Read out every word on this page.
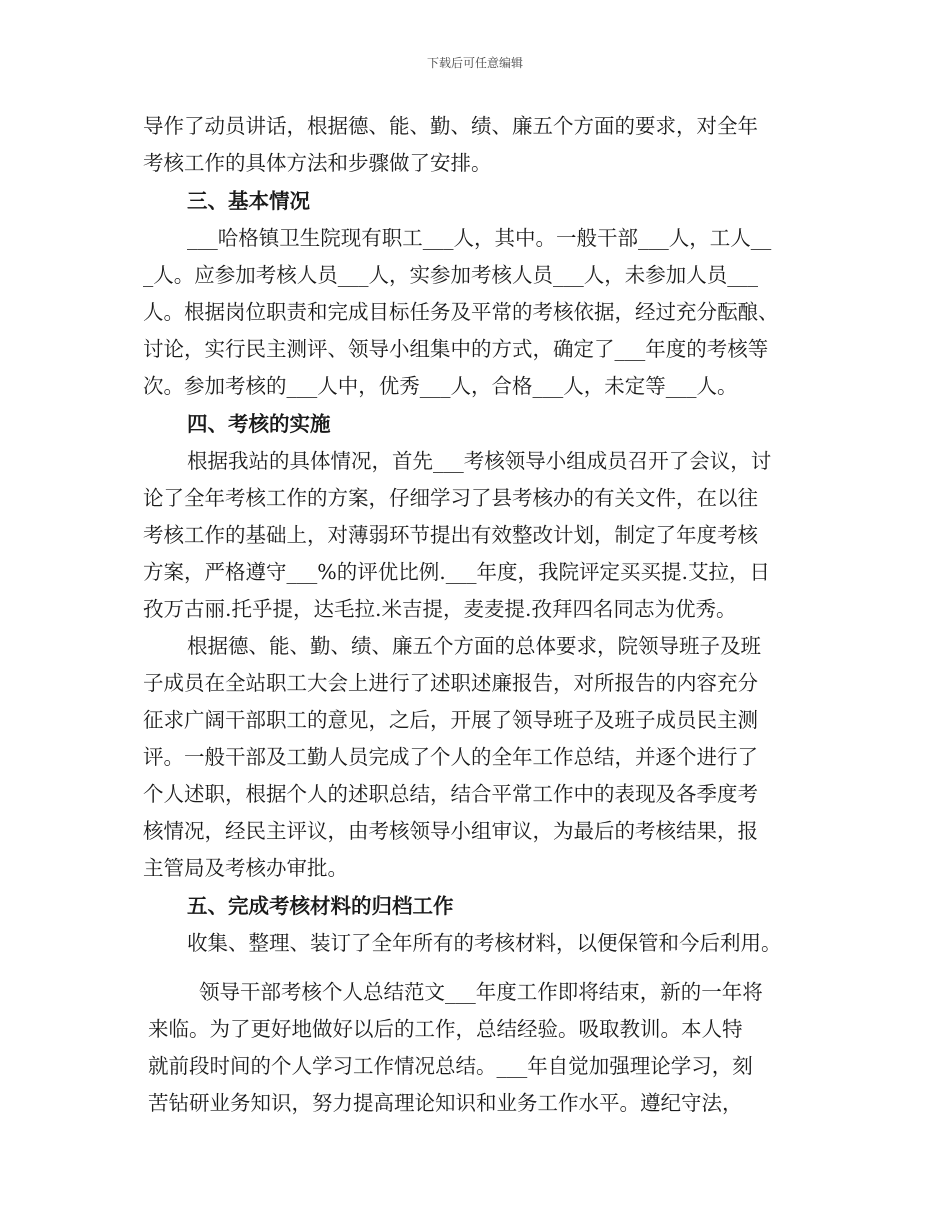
下载后可任意编辑
导作了动员讲话，根据德、能、勤、绩、廉五个方面的要求，对全年
考核工作的具体方法和步骤做了安排。
三、基本情况
___哈格镇卫生院现有职工___人，其中。一般干部___人，工人__
_人。应参加考核人员___人，实参加考核人员___人，未参加人员___
人。根据岗位职责和完成目标任务及平常的考核依据，经过充分酝酿、
讨论，实行民主测评、领导小组集中的方式，确定了___年度的考核等
次。参加考核的___人中，优秀___人，合格___人，未定等___人。
四、考核的实施
根据我站的具体情况，首先___考核领导小组成员召开了会议，讨
论了全年考核工作的方案，仔细学习了县考核办的有关文件，在以往
考核工作的基础上，对薄弱环节提出有效整改计划，制定了年度考核
方案，严格遵守___%的评优比例.___年度，我院评定买买提.艾拉，日
孜万古丽.托乎提，达毛拉.米吉提，麦麦提.孜拜四名同志为优秀。
根据德、能、勤、绩、廉五个方面的总体要求，院领导班子及班
子成员在全站职工大会上进行了述职述廉报告，对所报告的内容充分
征求广阔干部职工的意见，之后，开展了领导班子及班子成员民主测
评。一般干部及工勤人员完成了个人的全年工作总结，并逐个进行了
个人述职，根据个人的述职总结，结合平常工作中的表现及各季度考
核情况，经民主评议，由考核领导小组审议，为最后的考核结果，报
主管局及考核办审批。
五、完成考核材料的归档工作
收集、整理、装订了全年所有的考核材料，以便保管和今后利用。
领导干部考核个人总结范文___年度工作即将结束，新的一年将
来临。为了更好地做好以后的工作，总结经验。吸取教训。本人特
就前段时间的个人学习工作情况总结。___年自觉加强理论学习，刻
苦钻研业务知识，努力提高理论知识和业务工作水平。遵纪守法，
